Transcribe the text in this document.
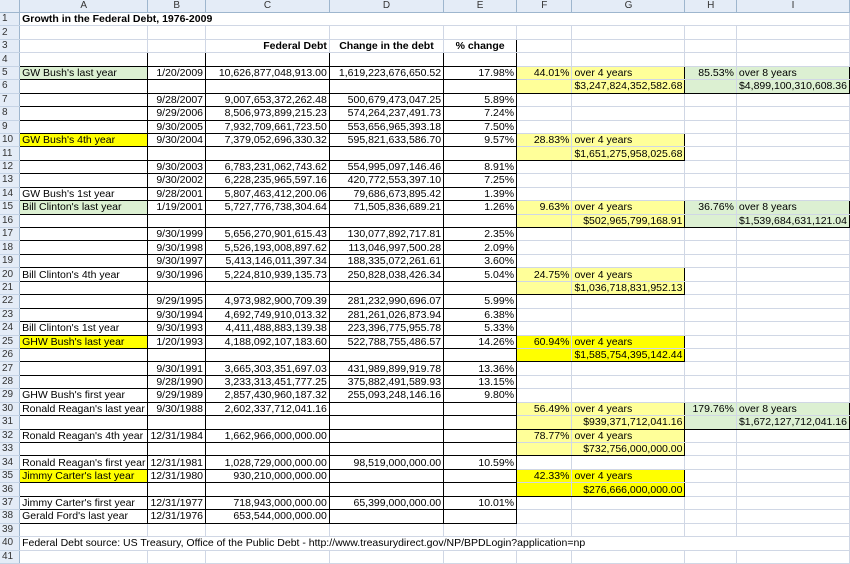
	A	B	C	D	E	F	G	H	I
1	Growth in the Federal Debt, 1976-2009								
2									
3			Federal Debt	Change in the debt	% change				
4									
5	GW Bush's last year	1/20/2009	10,626,877,048,913.00	1,619,223,676,650.52	17.98%	44.01%	over 4 years	85.53%	over 8 years
6							$3,247,824,352,582.68		$4,899,100,310,608.36
7		9/28/2007	9,007,653,372,262.48	500,679,473,047.25	5.89%				
8		9/29/2006	8,506,973,899,215.23	574,264,237,491.73	7.24%				
9		9/30/2005	7,932,709,661,723.50	553,656,965,393.18	7.50%				
10	GW Bush's 4th year	9/30/2004	7,379,052,696,330.32	595,821,633,586.70	9.57%	28.83%	over 4 years		
11							$1,651,275,958,025.68		
12		9/30/2003	6,783,231,062,743.62	554,995,097,146.46	8.91%				
13		9/30/2002	6,228,235,965,597.16	420,772,553,397.10	7.25%				
14	GW Bush's 1st year	9/28/2001	5,807,463,412,200.06	79,686,673,895.42	1.39%				
15	Bill Clinton's last year	1/19/2001	5,727,776,738,304.64	71,505,836,689.21	1.26%	9.63%	over 4 years	36.76%	over 8 years
16							$502,965,799,168.91		$1,539,684,631,121.04
17		9/30/1999	5,656,270,901,615.43	130,077,892,717.81	2.35%				
18		9/30/1998	5,526,193,008,897.62	113,046,997,500.28	2.09%				
19		9/30/1997	5,413,146,011,397.34	188,335,072,261.61	3.60%				
20	Bill Clinton's 4th year	9/30/1996	5,224,810,939,135.73	250,828,038,426.34	5.04%	24.75%	over 4 years		
21							$1,036,718,831,952.13		
22		9/29/1995	4,973,982,900,709.39	281,232,990,696.07	5.99%				
23		9/30/1994	4,692,749,910,013.32	281,261,026,873.94	6.38%				
24	Bill Clinton's 1st year	9/30/1993	4,411,488,883,139.38	223,396,775,955.78	5.33%				
25	GHW Bush's last year	1/20/1993	4,188,092,107,183.60	522,788,755,486.57	14.26%	60.94%	over 4 years		
26							$1,585,754,395,142.44		
27		9/30/1991	3,665,303,351,697.03	431,989,899,919.78	13.36%				
28		9/28/1990	3,233,313,451,777.25	375,882,491,589.93	13.15%				
29	GHW Bush's first year	9/29/1989	2,857,430,960,187.32	255,093,248,146.16	9.80%				
30	Ronald Reagan's last year	9/30/1988	2,602,337,712,041.16			56.49%	over 4 years	179.76%	over 8 years
31							$939,371,712,041.16		$1,672,127,712,041.16
32	Ronald Reagan's 4th year	12/31/1984	1,662,966,000,000.00			78.77%	over 4 years		
33							$732,756,000,000.00		
34	Ronald Reagan's first year	12/31/1981	1,028,729,000,000.00	98,519,000,000.00	10.59%				
35	Jimmy Carter's last year	12/31/1980	930,210,000,000.00			42.33%	over 4 years		
36							$276,666,000,000.00		
37	Jimmy Carter's first year	12/31/1977	718,943,000,000.00	65,399,000,000.00	10.01%				
38	Gerald Ford's last year	12/31/1976	653,544,000,000.00						
39									
40	Federal Debt source: US Treasury, Office of the Public Debt - http://www.treasurydirect.gov/NP/BPDLogin?application=np								
41									
